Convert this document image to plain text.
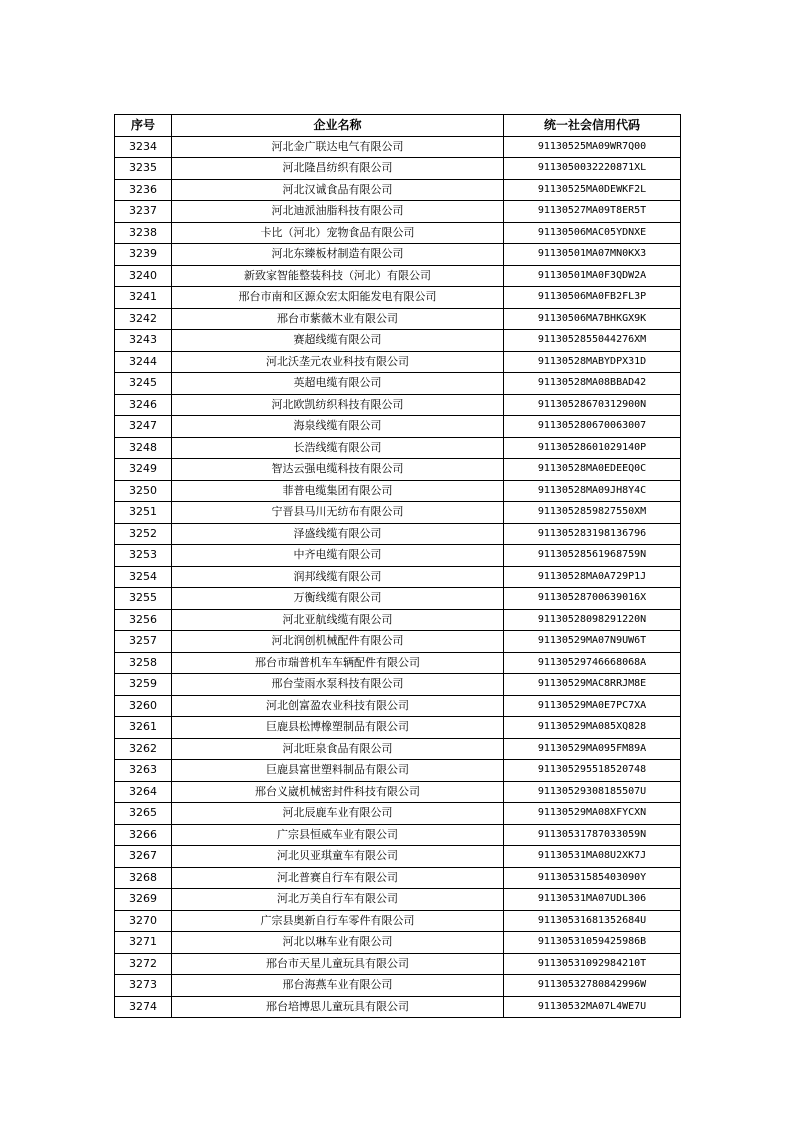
序号	企业名称	统一社会信用代码
3234	河北金广联达电气有限公司	91130525MA09WR7Q00
3235	河北隆昌纺织有限公司	9113050032220871XL
3236	河北汉诚食品有限公司	91130525MA0DEWKF2L
3237	河北迪派油脂科技有限公司	91130527MA09T8ER5T
3238	卡比（河北）宠物食品有限公司	91130506MAC05YDNXE
3239	河北东臻板材制造有限公司	91130501MA07MN0KX3
3240	新致家智能整装科技（河北）有限公司	91130501MA0F3QDW2A
3241	邢台市南和区源众宏太阳能发电有限公司	91130506MA0FB2FL3P
3242	邢台市紫薇木业有限公司	91130506MA7BHKGX9K
3243	赛超线缆有限公司	9113052855044276XM
3244	河北沃垄元农业科技有限公司	91130528MABYDPX31D
3245	英超电缆有限公司	91130528MA08BBAD42
3246	河北欧凯纺织科技有限公司	91130528670312900N
3247	海泉线缆有限公司	911305280670063007
3248	长浩线缆有限公司	91130528601029140P
3249	智达云强电缆科技有限公司	91130528MA0EDEEQ0C
3250	菲普电缆集团有限公司	91130528MA09JH8Y4C
3251	宁晋县马川无纺布有限公司	9113052859827550XM
3252	泽盛线缆有限公司	911305283198136796
3253	中齐电缆有限公司	91130528561968759N
3254	润邦线缆有限公司	91130528MA0A729P1J
3255	万衡线缆有限公司	91130528700639016X
3256	河北亚航线缆有限公司	91130528098291220N
3257	河北润创机械配件有限公司	91130529MA07N9UW6T
3258	邢台市瑞普机车车辆配件有限公司	91130529746668068A
3259	邢台莹雨水泵科技有限公司	91130529MAC8RRJM8E
3260	河北创富盈农业科技有限公司	91130529MA0E7PC7XA
3261	巨鹿县松博橡塑制品有限公司	91130529MA085XQ828
3262	河北旺泉食品有限公司	91130529MA095FM89A
3263	巨鹿县富世塑料制品有限公司	911305295518520748
3264	邢台义崴机械密封件科技有限公司	91130529308185507U
3265	河北辰鹿车业有限公司	91130529MA08XFYCXN
3266	广宗县恒威车业有限公司	91130531787033059N
3267	河北贝亚琪童车有限公司	91130531MA08U2XK7J
3268	河北普赛自行车有限公司	91130531585403090Y
3269	河北万美自行车有限公司	91130531MA07UDL306
3270	广宗县奥新自行车零件有限公司	91130531681352684U
3271	河北以琳车业有限公司	91130531059425986B
3272	邢台市天星儿童玩具有限公司	91130531092984210T
3273	邢台海燕车业有限公司	91130532780842996W
3274	邢台培博思儿童玩具有限公司	91130532MA07L4WE7U
